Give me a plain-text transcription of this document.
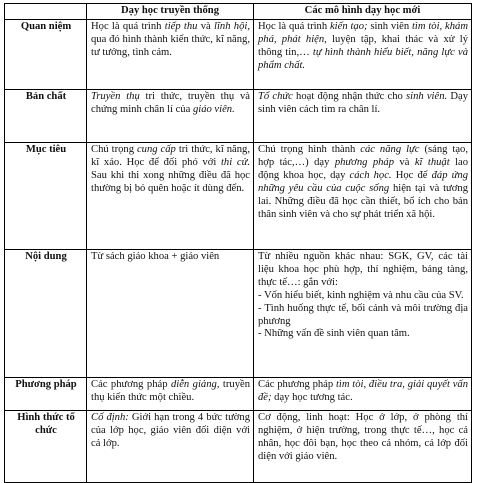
	Dạy học truyền thống	Các mô hình dạy học mới
Quan niệm	Học là quá trình tiếp thu và lĩnh hội, qua đó hình thành kiến thức, kĩ năng, tư tưởng, tình cảm.	Học là quá trình kiến tạo; sinh viên tìm tòi, khám phá, phát hiện, luyện tập, khai thác và xử lý thông tin,… tự hình thành hiểu biết, năng lực và phẩm chất.
Bản chất	Truyền thụ tri thức, truyền thụ và chứng minh chân lí của giáo viên.	Tổ chức hoạt động nhận thức cho sinh viên. Dạy sinh viên cách tìm ra chân lí.
Mục tiêu	Chú trọng cung cấp tri thức, kĩ năng, kĩ xảo. Học để đối phó với thi cử. Sau khi thi xong những điều đã học thường bị bỏ quên hoặc ít dùng đến.	Chú trọng hình thành các năng lực (sáng tạo, hợp tác,…) dạy phương pháp và kĩ thuật lao động khoa học, dạy cách học. Học để đáp ứng những yêu cầu của cuộc sống hiện tại và tương lai. Những điều đã học cần thiết, bổ ích cho bản thân sinh viên và cho sự phát triển xã hội.
Nội dung	Từ sách giáo khoa + giáo viên	Từ nhiều nguồn khác nhau: SGK, GV, các tài liệu khoa học phù hợp, thí nghiệm, bảng tàng, thực tế…: gắn với:
- Vốn hiểu biết, kinh nghiệm và nhu cầu của SV.
- Tình huống thực tế, bối cảnh và môi trường địa phương
- Những vấn đề sinh viên quan tâm.

Phương pháp	Các phương pháp diễn giảng, truyền thụ kiến thức một chiều.	Các phương pháp tìm tòi, điều tra, giải quyết vấn đề; dạy học tương tác.
Hình thức tổ chức	Cố định: Giới hạn trong 4 bức tường của lớp học, giáo viên đối diện với cả lớp.	Cơ động, linh hoạt: Học ở lớp, ở phòng thí nghiệm, ở hiện trường, trong thực tế…, học cá nhân, học đôi bạn, học theo cả nhóm, cả lớp đối diện với giáo viên.
